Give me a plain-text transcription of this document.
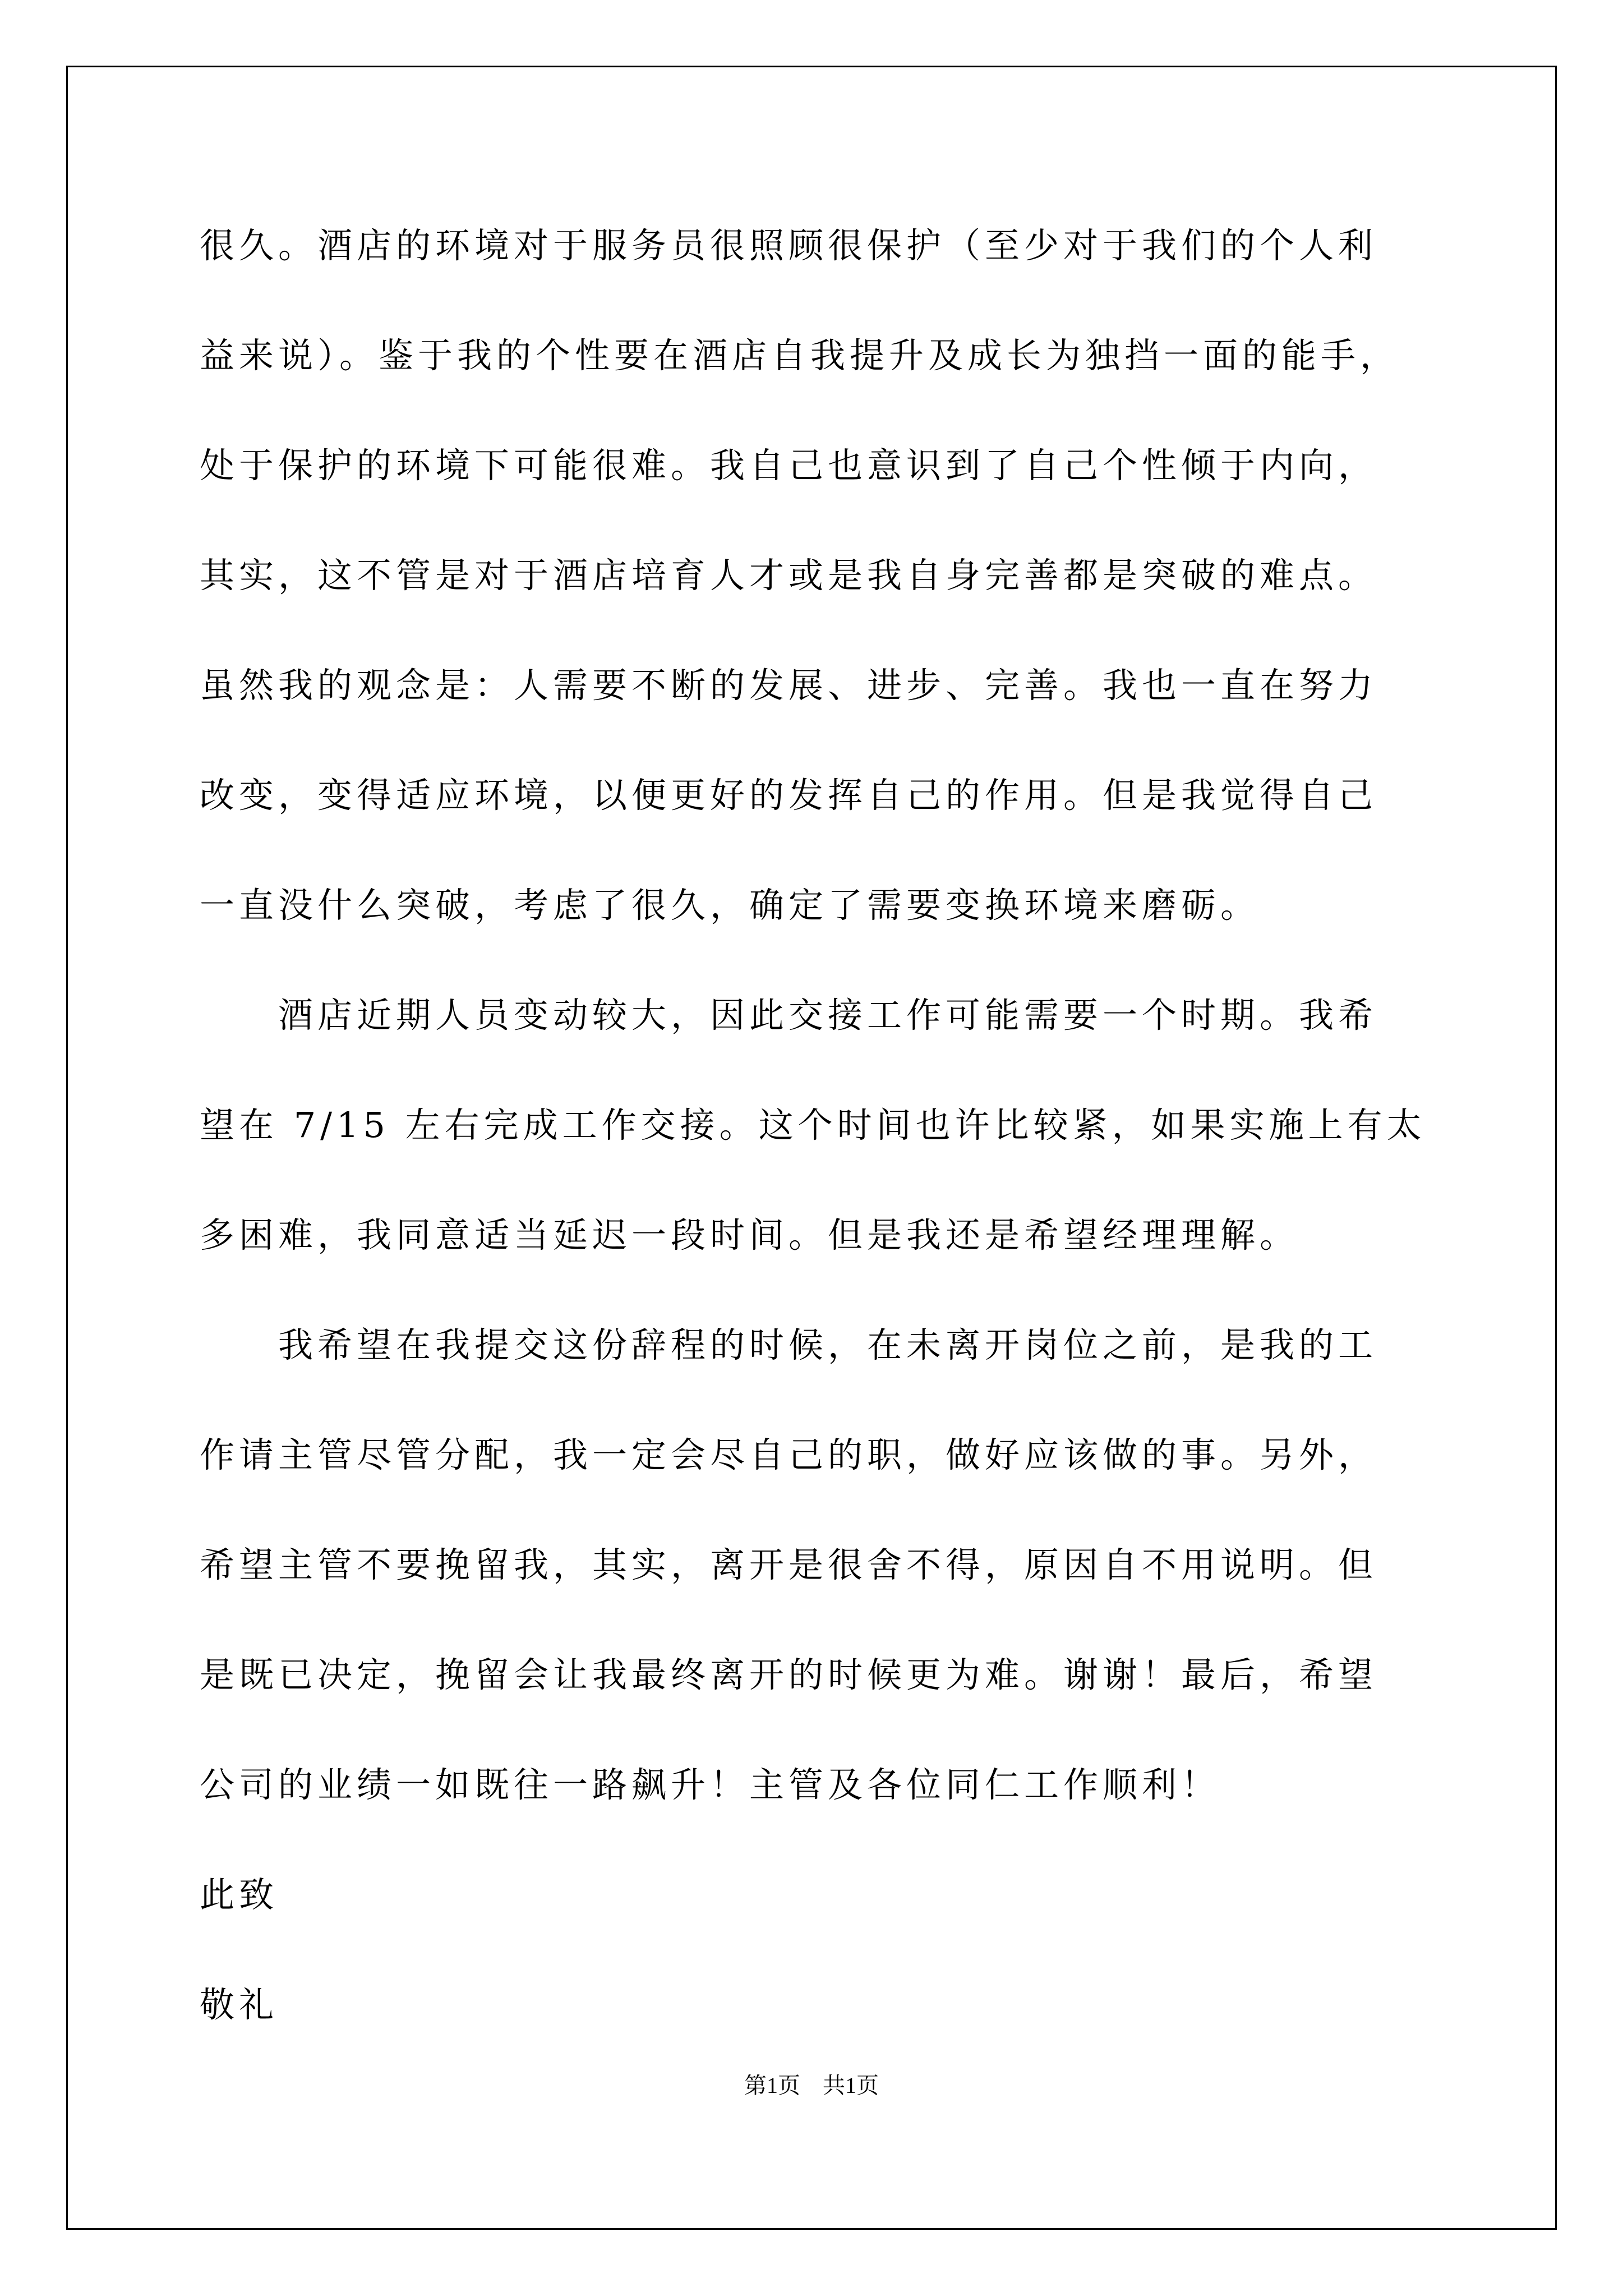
很久。酒店的环境对于服务员很照顾很保护（至少对于我们的个人利
益来说）。鉴于我的个性要在酒店自我提升及成长为独挡一面的能手，
处于保护的环境下可能很难。我自己也意识到了自己个性倾于内向，
其实，这不管是对于酒店培育人才或是我自身完善都是突破的难点。
虽然我的观念是：人需要不断的发展、进步、完善。我也一直在努力
改变，变得适应环境，以便更好的发挥自己的作用。但是我觉得自己
一直没什么突破，考虑了很久，确定了需要变换环境来磨砺。
　　酒店近期人员变动较大，因此交接工作可能需要一个时期。我希
望在 7/15 左右完成工作交接。这个时间也许比较紧，如果实施上有太
多困难，我同意适当延迟一段时间。但是我还是希望经理理解。
　　我希望在我提交这份辞程的时候，在未离开岗位之前，是我的工
作请主管尽管分配，我一定会尽自己的职，做好应该做的事。另外，
希望主管不要挽留我，其实，离开是很舍不得，原因自不用说明。但
是既已决定，挽留会让我最终离开的时候更为难。谢谢！最后，希望
公司的业绩一如既往一路飙升！主管及各位同仁工作顺利！
此致
敬礼
第1页　共1页
